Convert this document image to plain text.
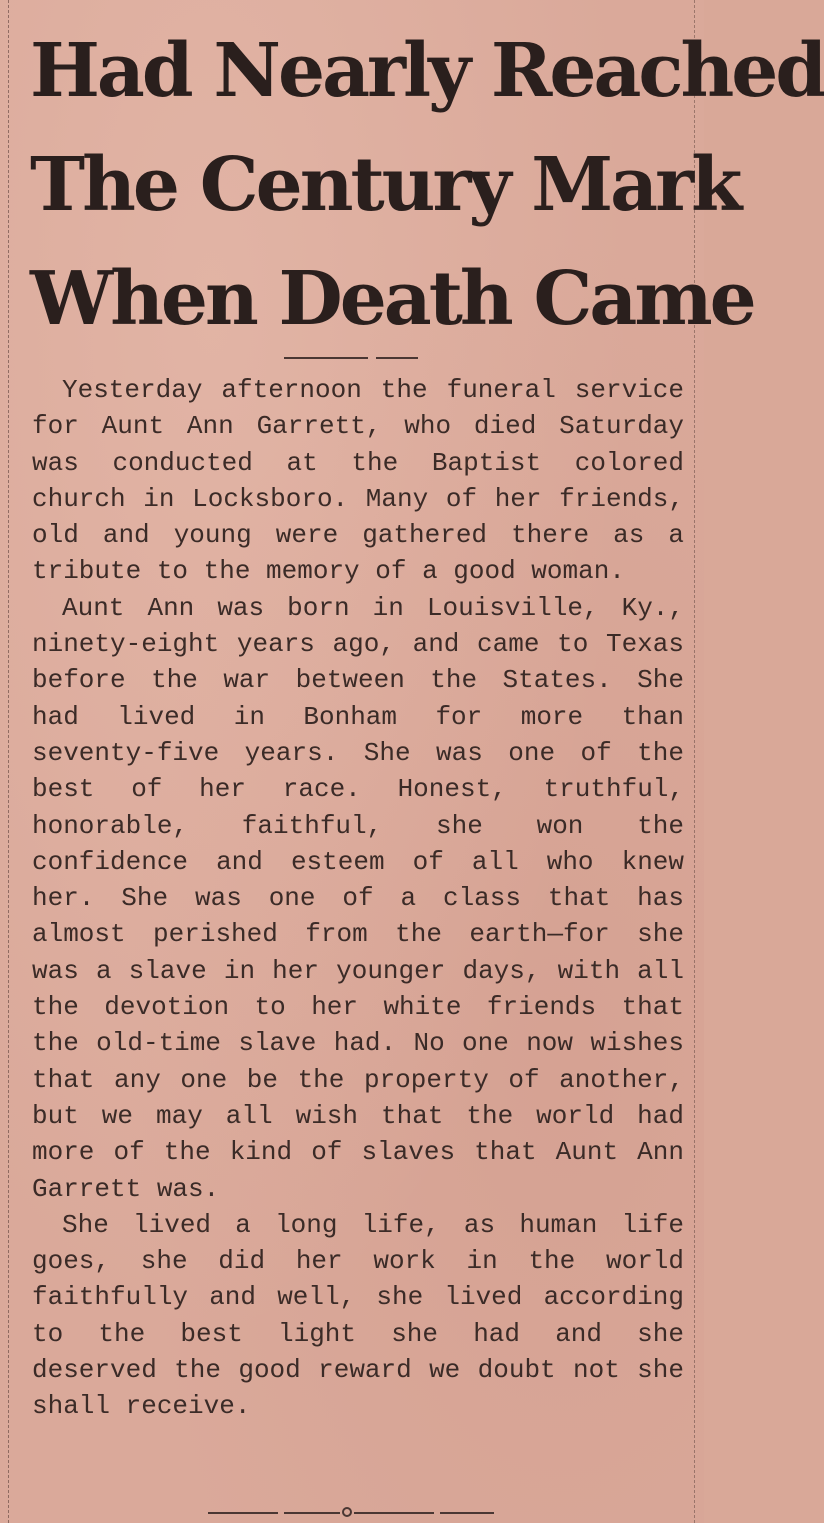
Had Nearly Reached
The Century Mark
When Death Came

Yesterday afternoon the funeral service for Aunt Ann Garrett, who died Saturday was conducted at the Baptist colored church in Locksboro. Many of her friends, old and young were gathered there as a tribute to the memory of a good woman.

Aunt Ann was born in Louisville, Ky., ninety-eight years ago, and came to Texas before the war between the States. She had lived in Bonham for more than seventy-five years. She was one of the best of her race. Honest, truthful, honorable, faithful, she won the confidence and esteem of all who knew her. She was one of a class that has almost perished from the earth—for she was a slave in her younger days, with all the devotion to her white friends that the old-time slave had. No one now wishes that any one be the property of another, but we may all wish that the world had more of the kind of slaves that Aunt Ann Garrett was.

She lived a long life, as human life goes, she did her work in the world faithfully and well, she lived according to the best light she had and she deserved the good reward we doubt not she shall receive.
